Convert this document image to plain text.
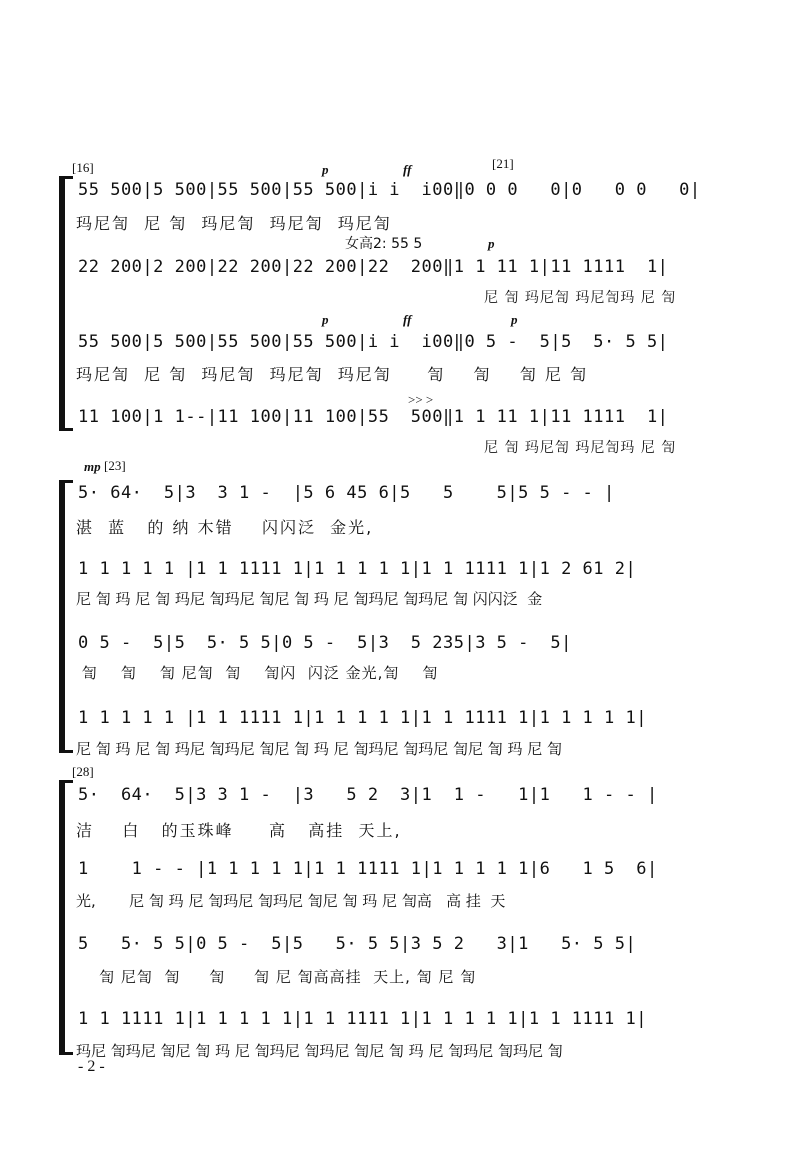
[16]	[21]
p	ff
55 500|5 500|55 500|55 500|i i  i00‖0 0 0   0|0   0 0   0|
玛尼訇  尼 訇  玛尼訇  玛尼訇  玛尼訇
女高2: 55 5	p
22 200|2 200|22 200|22 200|22  200‖1 1 11 1|11 1111  1|
尼 訇 玛尼訇 玛尼訇玛 尼 訇
p	ff	p
55 500|5 500|55 500|55 500|i i  i00‖0 5 -  5|5  5· 5 5|
玛尼訇  尼 訇  玛尼訇  玛尼訇  玛尼訇     訇    訇    訇 尼 訇
>> >
11 100|1 1--|11 100|11 100|55  500‖1 1 11 1|11 1111  1|
尼 訇 玛尼訇 玛尼訇玛 尼 訇
mp [23]
5· 64·  5|3  3 1 -  |5 6 45 6|5   5    5|5 5 - - |
湛  蓝   的 纳 木错    闪闪泛  金光,
1 1 1 1 1 |1 1 1111 1|1 1 1 1 1|1 1 1111 1|1 2 61 2|
尼 訇 玛 尼 訇 玛尼 訇玛尼 訇尼 訇 玛 尼 訇玛尼 訇玛尼 訇 闪闪泛  金
0 5 -  5|5  5· 5 5|0 5 -  5|3  5 235|3 5 -  5|
訇    訇    訇 尼訇  訇    訇闪  闪泛 金光,訇    訇
1 1 1 1 1 |1 1 1111 1|1 1 1 1 1|1 1 1111 1|1 1 1 1 1|
尼 訇 玛 尼 訇 玛尼 訇玛尼 訇尼 訇 玛 尼 訇玛尼 訇玛尼 訇尼 訇 玛 尼 訇
[28]
5·  64·  5|3 3 1 -  |3   5 2  3|1  1 -   1|1   1 - - |
洁    白   的玉珠峰     高   高挂  天上,
1    1 - - |1 1 1 1 1|1 1 1111 1|1 1 1 1 1|6   1 5  6|
光,       尼 訇 玛 尼 訇玛尼 訇玛尼 訇尼 訇 玛 尼 訇高   高 挂  天
5   5· 5 5|0 5 -  5|5   5· 5 5|3 5 2   3|1   5· 5 5|
訇 尼訇  訇     訇     訇 尼 訇高高挂  天上, 訇 尼 訇
1 1 1111 1|1 1 1 1 1|1 1 1111 1|1 1 1 1 1|1 1 1111 1|
玛尼 訇玛尼 訇尼 訇 玛 尼 訇玛尼 訇玛尼 訇尼 訇 玛 尼 訇玛尼 訇玛尼 訇
- 2 -
